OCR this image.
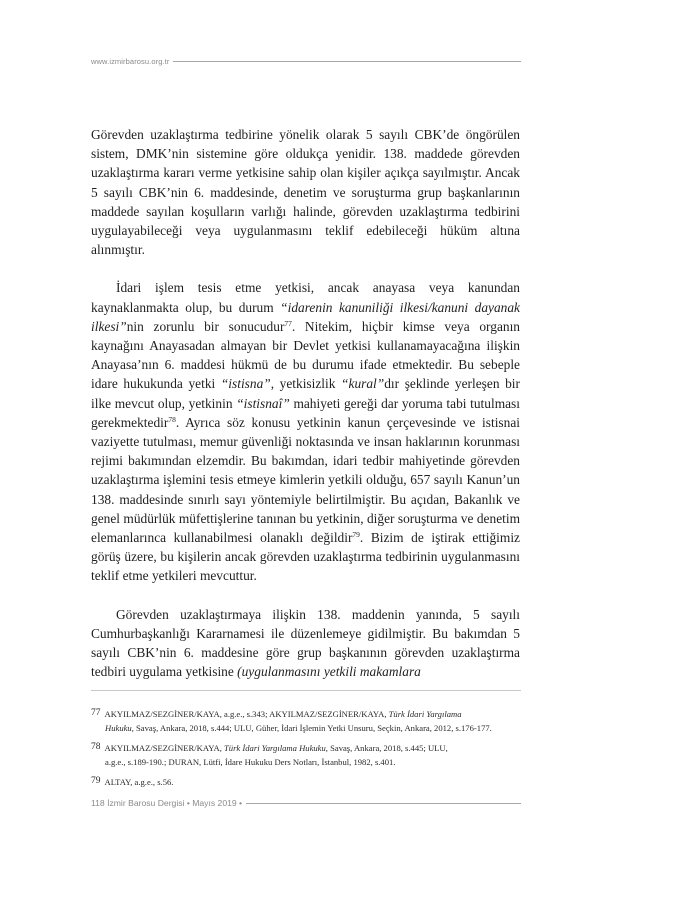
www.izmirbarosu.org.tr

Görevden uzaklaştırma tedbirine yönelik olarak 5 sayılı CBK’de öngörülen sistem, DMK’nin sistemine göre oldukça yenidir. 138. maddede görevden uzaklaştırma kararı verme yetkisine sahip olan kişiler açıkça sayılmıştır. Ancak 5 sayılı CBK’nin 6. maddesinde, denetim ve soruşturma grup başkanlarının maddede sayılan koşulların varlığı halinde, görevden uzaklaştırma tedbirini uygulayabileceği veya uygulanmasını teklif edebileceği hüküm altına alınmıştır.

İdari işlem tesis etme yetkisi, ancak anayasa veya kanundan kaynaklanmakta olup, bu durum “idarenin kanuniliği ilkesi/kanuni dayanak ilkesi”nin zorunlu bir sonucudur$^{77}$. Nitekim, hiçbir kimse veya organın kaynağını Anayasadan almayan bir Devlet yetkisi kullanamayacağına ilişkin Anayasa’nın 6. maddesi hükmü de bu durumu ifade etmektedir. Bu sebeple idare hukukunda yetki “istisna”, yetkisizlik “kural”dır şeklinde yerleşen bir ilke mevcut olup, yetkinin “istisnaî” mahiyeti gereği dar yoruma tabi tutulması gerekmektedir$^{78}$. Ayrıca söz konusu yetkinin kanun çerçevesinde ve istisnai vaziyette tutulması, memur güvenliği noktasında ve insan haklarının korunması rejimi bakımından elzemdir. Bu bakımdan, idari tedbir mahiyetinde görevden uzaklaştırma işlemini tesis etmeye kimlerin yetkili olduğu, 657 sayılı Kanun’un 138. maddesinde sınırlı sayı yöntemiyle belirtilmiştir. Bu açıdan, Bakanlık ve genel müdürlük müfettişlerine tanınan bu yetkinin, diğer soruşturma ve denetim elemanlarınca kullanabilmesi olanaklı değildir$^{79}$. Bizim de iştirak ettiğimiz görüş üzere, bu kişilerin ancak görevden uzaklaştırma tedbirinin uygulanmasını teklif etme yetkileri mevcuttur.

Görevden uzaklaştırmaya ilişkin 138. maddenin yanında, 5 sayılı Cumhurbaşkanlığı Kararnamesi ile düzenlemeye gidilmiştir. Bu bakımdan 5 sayılı CBK’nin 6. maddesine göre grup başkanının görevden uzaklaştırma tedbiri uygulama yetkisine (uygulanmasını yetkili makamlara

77 AKYILMAZ/SEZGİNER/KAYA, a.g.e., s.343; AKYILMAZ/SEZGİNER/KAYA, Türk İdari Yargılama
Hukuku, Savaş, Ankara, 2018, s.444; ULU, Güher, İdari İşlemin Yetki Unsuru, Seçkin, Ankara, 2012, s.176-177.
78 AKYILMAZ/SEZGİNER/KAYA, Türk İdari Yargılama Hukuku, Savaş, Ankara, 2018, s.445; ULU,
a.g.e., s.189-190.; DURAN, Lütfi, İdare Hukuku Ders Notları, İstanbul, 1982, s.401.
79 ALTAY, a.g.e., s.56.
118 İzmir Barosu Dergisi • Mayıs 2019 •
